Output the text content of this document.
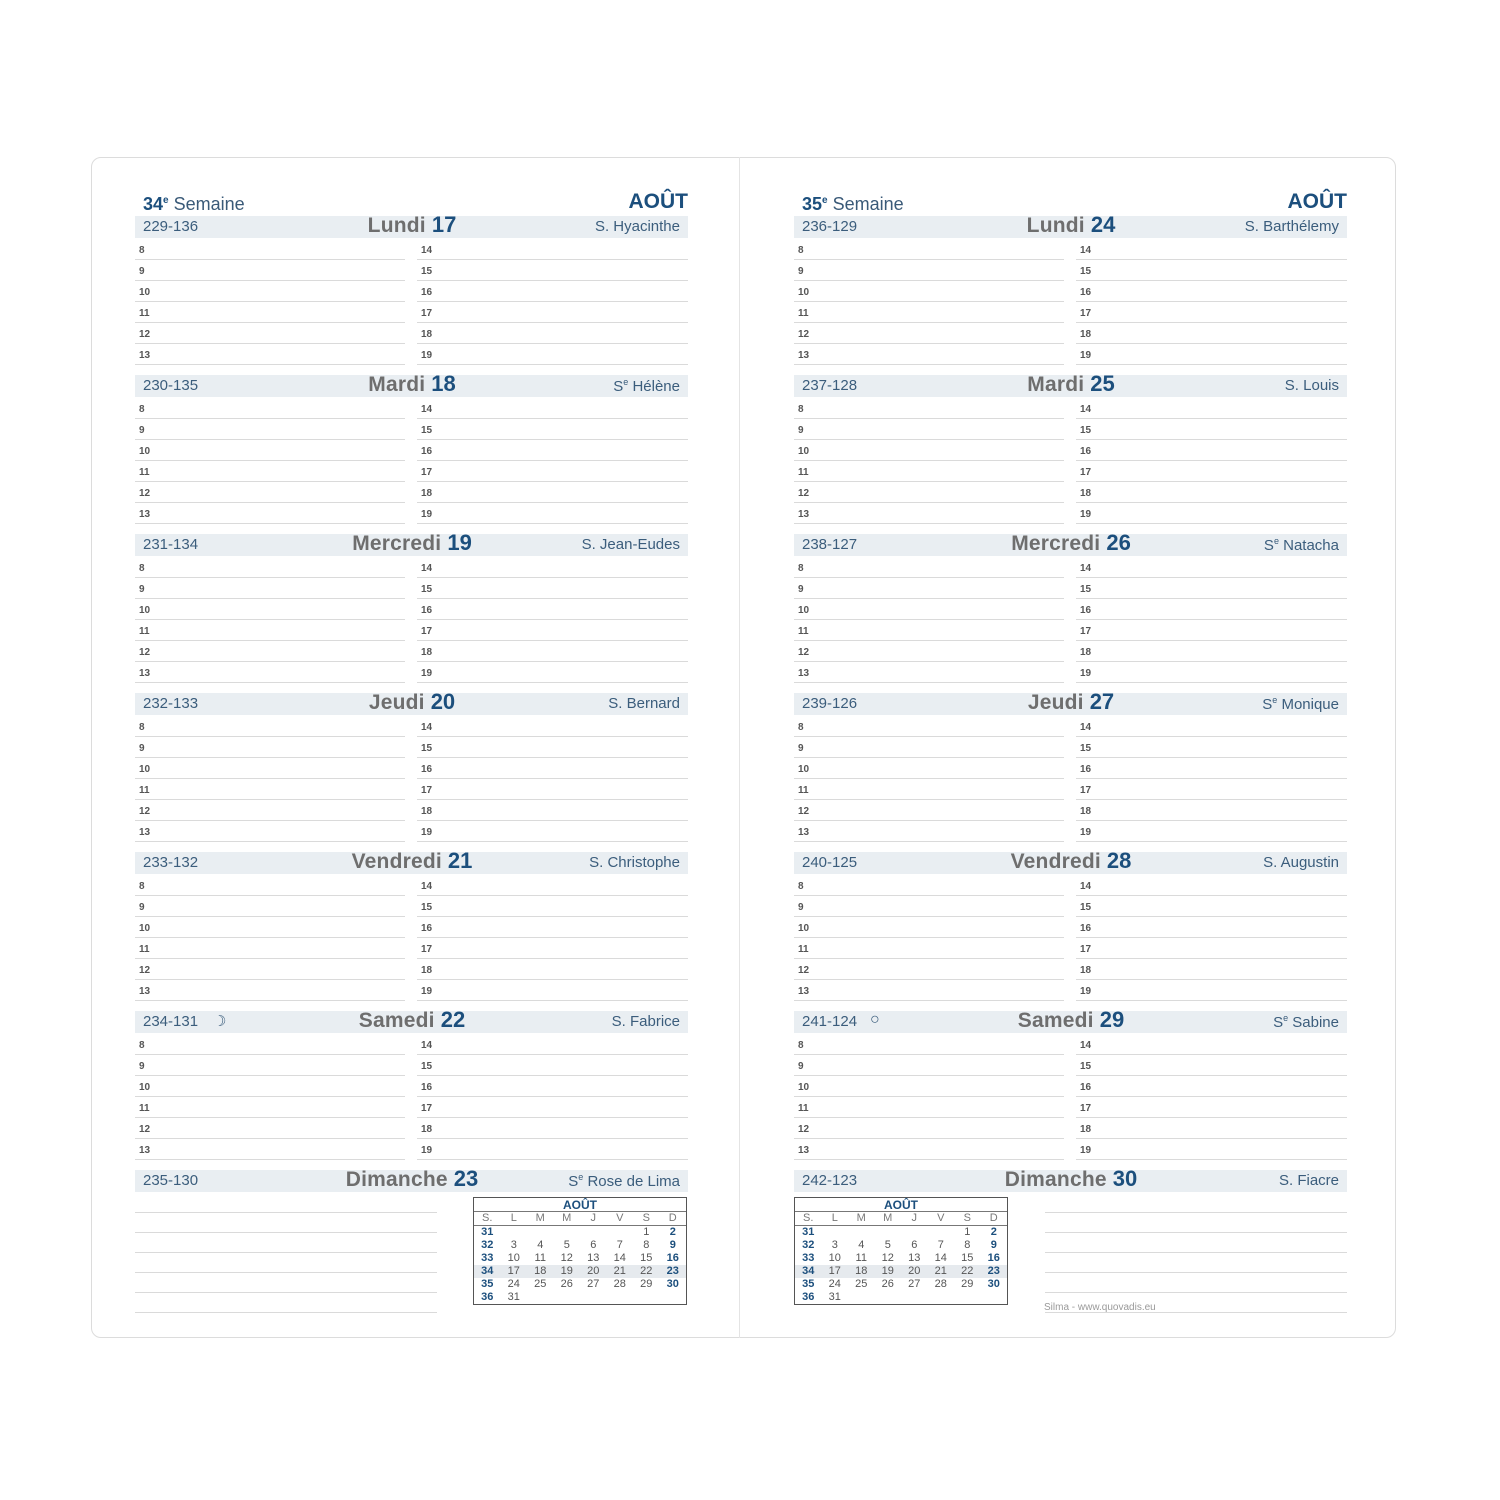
34e Semaine	AOÛT
229-136	Lundi 17	S. Hyacinthe
8
9
10
11
12
13
14
15
16
17
18
19
230-135	Mardi 18	$S^e$ Hélène
8
9
10
11
12
13
14
15
16
17
18
19
231-134	Mercredi 19	S. Jean-Eudes
8
9
10
11
12
13
14
15
16
17
18
19
232-133	Jeudi 20	S. Bernard
8
9
10
11
12
13
14
15
16
17
18
19
233-132	Vendredi 21	S. Christophe
8
9
10
11
12
13
14
15
16
17
18
19
234-131 ☽	Samedi 22	S. Fabrice
8
9
10
11
12
13
14
15
16
17
18
19
235-130	Dimanche 23	$S^e$ Rose de Lima
35e Semaine	AOÛT
236-129	Lundi 24	S. Barthélemy
8
9
10
11
12
13
14
15
16
17
18
19
237-128	Mardi 25	S. Louis
8
9
10
11
12
13
14
15
16
17
18
19
238-127	Mercredi 26	$S^e$ Natacha
8
9
10
11
12
13
14
15
16
17
18
19
239-126	Jeudi 27	$S^e$ Monique
8
9
10
11
12
13
14
15
16
17
18
19
240-125	Vendredi 28	S. Augustin
8
9
10
11
12
13
14
15
16
17
18
19
241-124 ○	Samedi 29	$S^e$ Sabine
8
9
10
11
12
13
14
15
16
17
18
19
242-123	Dimanche 30	S. Fiacre
AOÛT
S.	L	M	M	J	V	S	D
31						1	2
32	3	4	5	6	7	8	9
33	10	11	12	13	14	15	16
34	17	18	19	20	21	22	23
35	24	25	26	27	28	29	30
36	31						
AOÛT
S.	L	M	M	J	V	S	D
31						1	2
32	3	4	5	6	7	8	9
33	10	11	12	13	14	15	16
34	17	18	19	20	21	22	23
35	24	25	26	27	28	29	30
36	31						
Silma - www.quovadis.eu
